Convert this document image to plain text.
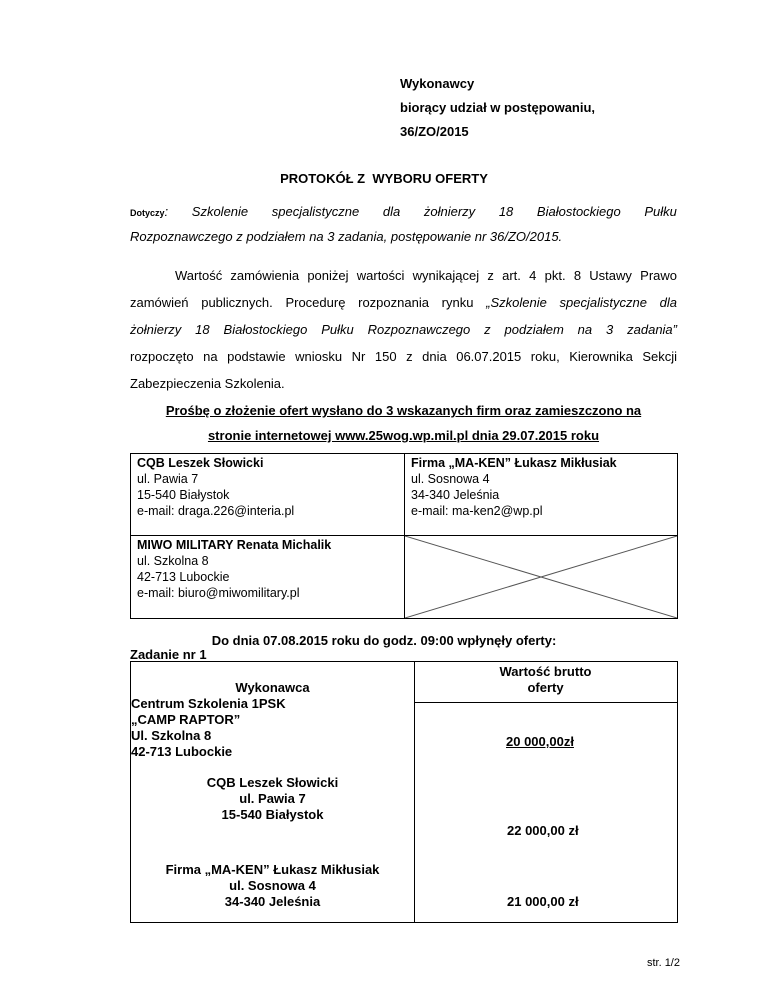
Wykonawcy
biorący udział w postępowaniu,
36/ZO/2015
PROTOKÓŁ Z  WYBORU OFERTY
Dotyczy: Szkolenie specjalistyczne dla żołnierzy 18 Białostockiego Pułku
Rozpoznawczego z podziałem na 3 zadania, postępowanie nr 36/ZO/2015.
Wartość zamówienia poniżej wartości wynikającej z art. 4 pkt. 8 Ustawy Prawo
zamówień publicznych. Procedurę rozpoznania rynku „Szkolenie specjalistyczne dla
żołnierzy 18 Białostockiego Pułku Rozpoznawczego z podziałem na 3 zadania”
rozpoczęto na podstawie wniosku Nr 150 z dnia 06.07.2015 roku, Kierownika Sekcji
Zabezpieczenia Szkolenia.
Prośbę o złożenie ofert wysłano do 3 wskazanych firm oraz zamieszczono na
stronie internetowej www.25wog.wp.mil.pl dnia 29.07.2015 roku
CQB Leszek Słowicki
ul. Pawia 7
15-540 Białystok
e-mail: draga.226@interia.pl
Firma „MA-KEN” Łukasz Mikłusiak
ul. Sosnowa 4
34-340 Jeleśnia
e-mail: ma-ken2@wp.pl
MIWO MILITARY Renata Michalik
ul. Szkolna 8
42-713 Lubockie
e-mail: biuro@miwomilitary.pl
Do dnia 07.08.2015 roku do godz. 09:00 wpłynęły oferty:
Zadanie nr 1
Wykonawca
Wartość brutto
oferty
Centrum Szkolenia 1PSK
„CAMP RAPTOR”
Ul. Szkolna 8
42-713 Lubockie
20 000,00zł
CQB Leszek Słowicki
ul. Pawia 7
15-540 Białystok
22 000,00 zł
Firma „MA-KEN” Łukasz Mikłusiak
ul. Sosnowa 4
34-340 Jeleśnia	21 000,00 zł
str. 1/2
